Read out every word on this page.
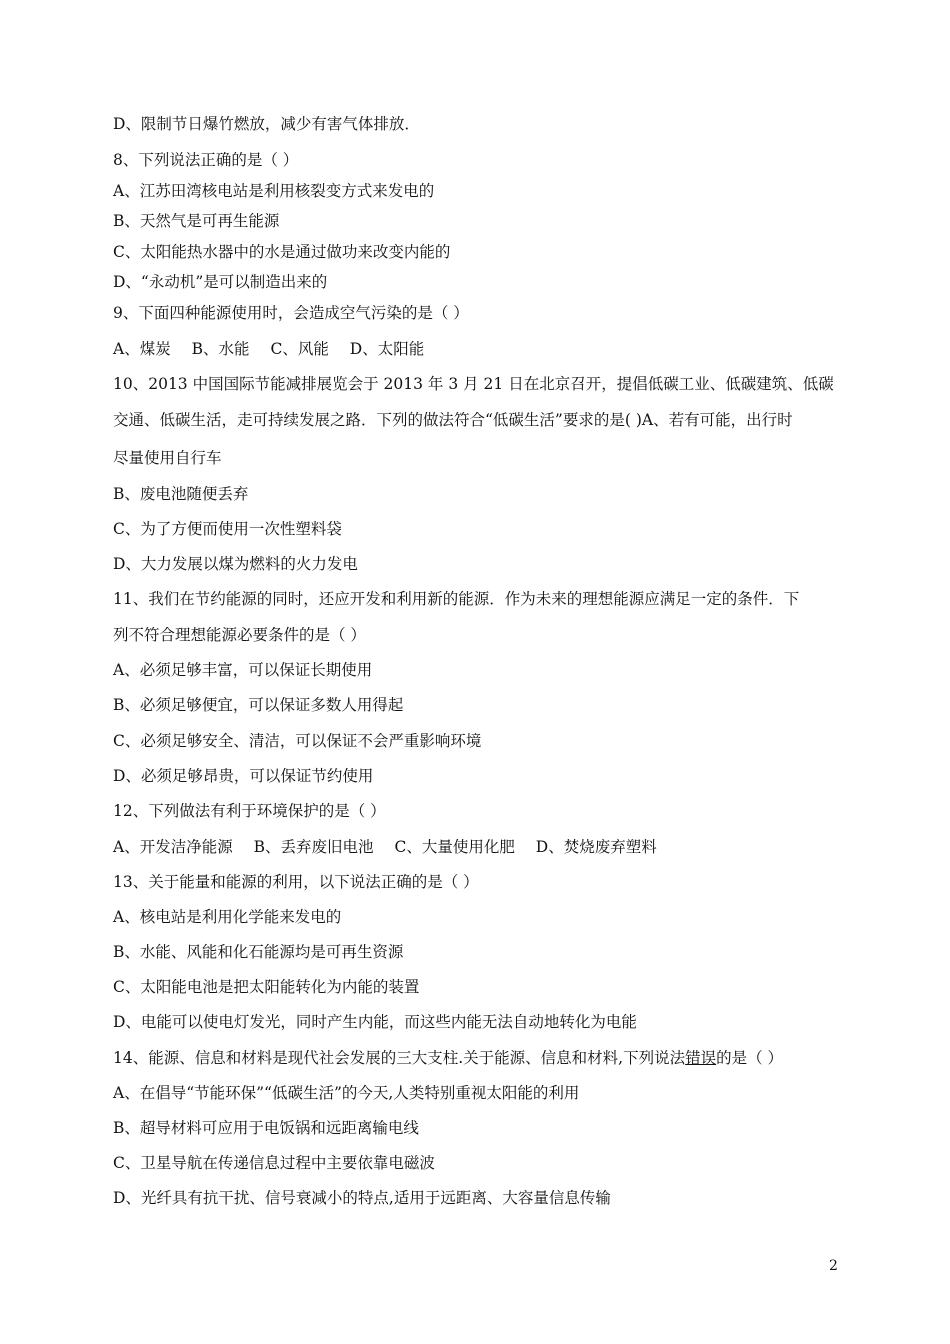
D、限制节日爆竹燃放，减少有害气体排放．
8、下列说法正确的是（ ）
A、江苏田湾核电站是利用核裂变方式来发电的
B、天然气是可再生能源
C、太阳能热水器中的水是通过做功来改变内能的
D、“永动机”是可以制造出来的
9、下面四种能源使用时，会造成空气污染的是（ ）
A、煤炭 B、水能 C、风能 D、太阳能
10、2013 中国国际节能减排展览会于 2013 年 3 月 21 日在北京召开，提倡低碳工业、低碳建筑、低碳
交通、低碳生活，走可持续发展之路．下列的做法符合“低碳生活”要求的是( )A、若有可能，出行时
尽量使用自行车
B、废电池随便丢弃
C、为了方便而使用一次性塑料袋
D、大力发展以煤为燃料的火力发电
11、我们在节约能源的同时，还应开发和利用新的能源．作为未来的理想能源应满足一定的条件．下
列不符合理想能源必要条件的是（ ）
A、必须足够丰富，可以保证长期使用
B、必须足够便宜，可以保证多数人用得起
C、必须足够安全、清洁，可以保证不会严重影响环境
D、必须足够昂贵，可以保证节约使用
12、下列做法有利于环境保护的是（ ）
A、开发洁净能源 B、丢弃废旧电池 C、大量使用化肥 D、焚烧废弃塑料
13、关于能量和能源的利用，以下说法正确的是（ ）
A、核电站是利用化学能来发电的
B、水能、风能和化石能源均是可再生资源
C、太阳能电池是把太阳能转化为内能的装置
D、电能可以使电灯发光，同时产生内能，而这些内能无法自动地转化为电能
14、能源、信息和材料是现代社会发展的三大支柱.关于能源、信息和材料,下列说法错误的是（ ）
A、在倡导“节能环保”“低碳生活”的今天,人类特别重视太阳能的利用
B、超导材料可应用于电饭锅和远距离输电线
C、卫星导航在传递信息过程中主要依靠电磁波
D、光纤具有抗干扰、信号衰减小的特点,适用于远距离、大容量信息传输
2
